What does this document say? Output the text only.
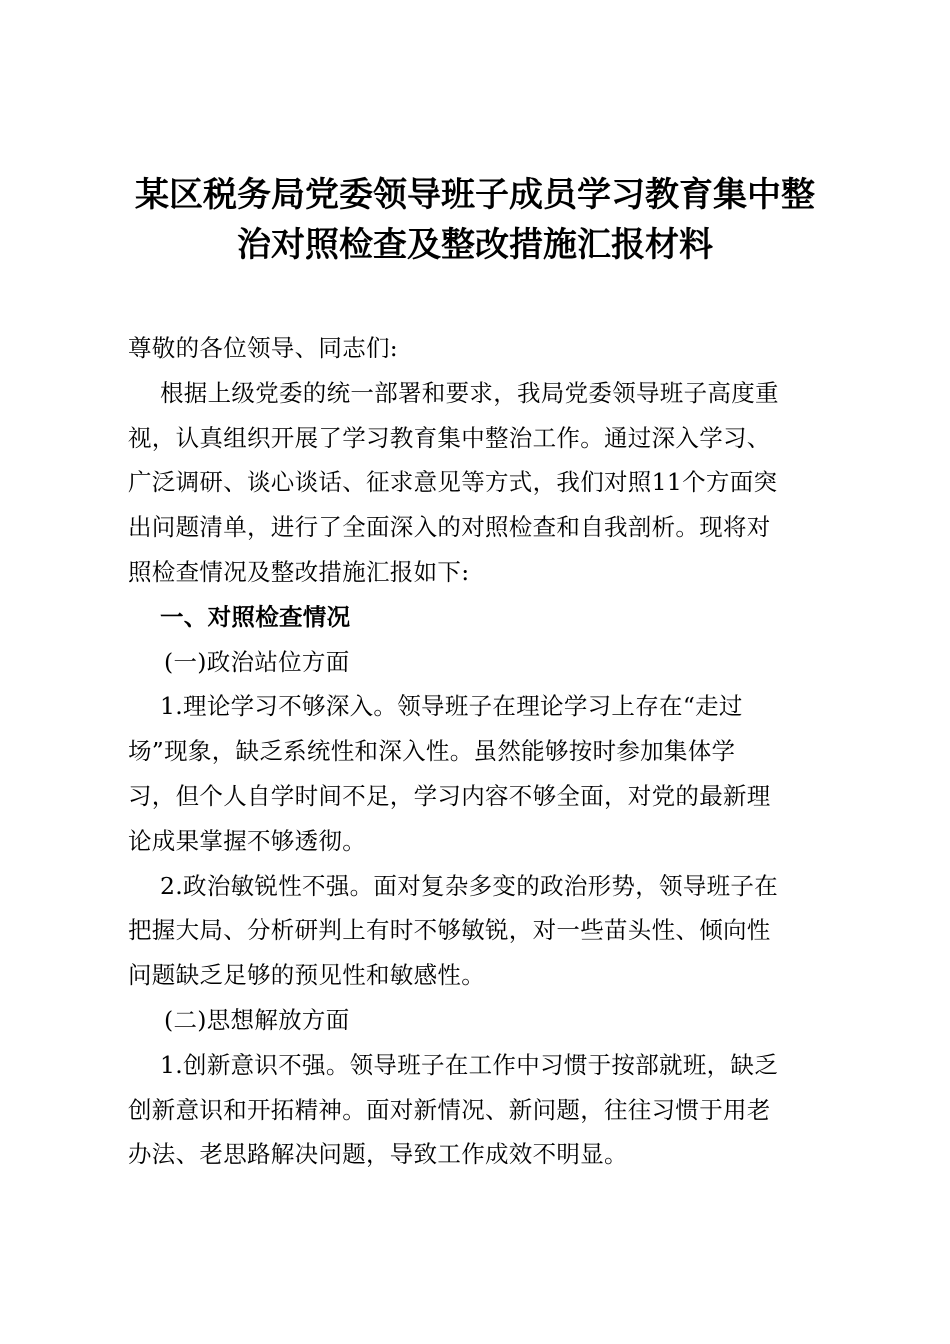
某区税务局党委领导班子成员学习教育集中整
治对照检查及整改措施汇报材料
尊敬的各位领导、同志们:
根据上级党委的统一部署和要求，我局党委领导班子高度重
视，认真组织开展了学习教育集中整治工作。通过深入学习、
广泛调研、谈心谈话、征求意见等方式，我们对照11个方面突
出问题清单，进行了全面深入的对照检查和自我剖析。现将对
照检查情况及整改措施汇报如下:
一、对照检查情况
(一)政治站位方面
1.理论学习不够深入。领导班子在理论学习上存在“走过
场”现象，缺乏系统性和深入性。虽然能够按时参加集体学
习，但个人自学时间不足，学习内容不够全面，对党的最新理
论成果掌握不够透彻。
2.政治敏锐性不强。面对复杂多变的政治形势，领导班子在
把握大局、分析研判上有时不够敏锐，对一些苗头性、倾向性
问题缺乏足够的预见性和敏感性。
(二)思想解放方面
1.创新意识不强。领导班子在工作中习惯于按部就班，缺乏
创新意识和开拓精神。面对新情况、新问题，往往习惯于用老
办法、老思路解决问题，导致工作成效不明显。
